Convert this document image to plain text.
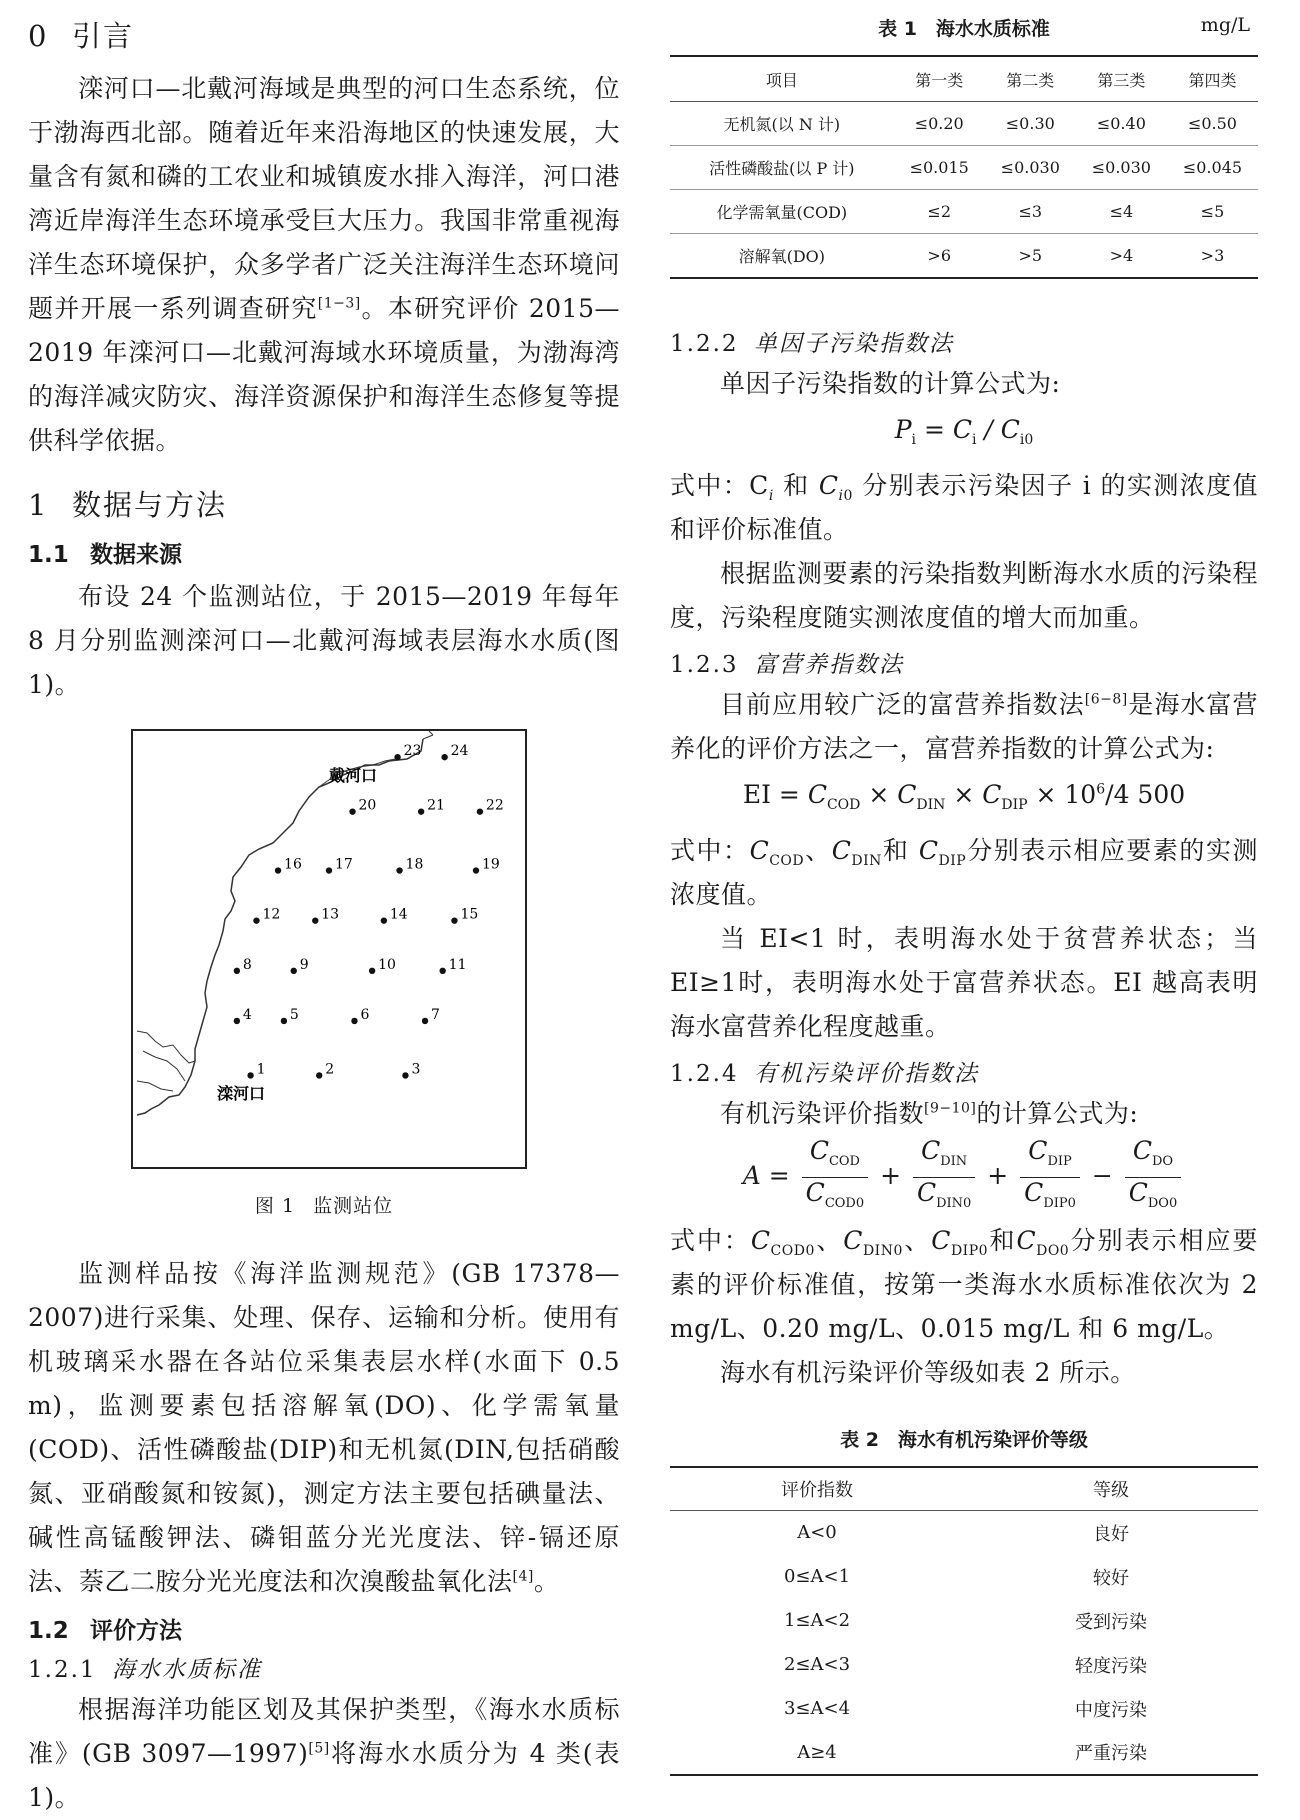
0 引言

滦河口—北戴河海域是典型的河口生态系统，位于渤海西北部。随着近年来沿海地区的快速发展，大量含有氮和磷的工农业和城镇废水排入海洋，河口港湾近岸海洋生态环境承受巨大压力。我国非常重视海洋生态环境保护，众多学者广泛关注海洋生态环境问题并开展一系列调查研究[1−3]。本研究评价 2015—2019 年滦河口—北戴河海域水环境质量，为渤海湾的海洋减灾防灾、海洋资源保护和海洋生态修复等提供科学依据。

1 数据与方法
1.1 数据来源

布设 24 个监测站位，于 2015—2019 年每年 8 月分别监测滦河口—北戴河海域表层海水水质(图 1)。

1	2	3
4	5	6	7
8	9	10	11
12	13	14	15
16 17	18	19
20	21	22
23 24
戴河口
滦河口
图 1 监测站位

监测样品按《海洋监测规范》(GB 17378—2007)进行采集、处理、保存、运输和分析。使用有机玻璃采水器在各站位采集表层水样(水面下 0.5 m)，监测要素包括溶解氧(DO)、化学需氧量(COD)、活性磷酸盐(DIP)和无机氮(DIN,包括硝酸氮、亚硝酸氮和铵氮)，测定方法主要包括碘量法、碱性高锰酸钾法、磷钼蓝分光光度法、锌-镉还原法、萘乙二胺分光光度法和次溴酸盐氧化法[4]。

1.2 评价方法
1.2.1 海水水质标准

根据海洋功能区划及其保护类型，《海水水质标准》(GB 3097—1997)[5]将海水水质分为 4 类(表 1)。

表 1　海水水质标准	mg/L
项目	第一类	第二类	第三类	第四类
无机氮(以 N 计)	≤0.20	≤0.30	≤0.40	≤0.50
活性磷酸盐(以 P 计)	≤0.015	≤0.030	≤0.030	≤0.045
化学需氧量(COD)	≤2	≤3	≤4	≤5
溶解氧(DO)	>6	>5	>4	>3
1.2.2 单因子污染指数法

单因子污染指数的计算公式为:

$P_i = C_i / C_{i0}$

式中：$C_i$ 和 $C_{i0}$ 分别表示污染因子 i 的实测浓度值和评价标准值。

根据监测要素的污染指数判断海水水质的污染程度，污染程度随实测浓度值的增大而加重。

1.2.3 富营养指数法

目前应用较广泛的富营养指数法[6−8]是海水富营养化的评价方法之一，富营养指数的计算公式为:

EI = $C_{COD} \times C_{DIN} \times C_{DIP} \times 10^6/4$ 500

式中：$C_{COD}$、$C_{DIN}$和 $C_{DIP}$分别表示相应要素的实测浓度值。

当 EI<1 时，表明海水处于贫营养状态；当EI≥1时，表明海水处于富营养状态。EI 越高表明海水富营养化程度越重。

1.2.4 有机污染评价指数法

有机污染评价指数[9−10]的计算公式为:

$A = \frac{C_{COD}}{C_{COD0}} + \frac{C_{DIN}}{C_{DIN0}} + \frac{C_{DIP}}{C_{DIP0}} - \frac{C_{DO}}{C_{DO0}}$

式中：$C_{COD0}$、$C_{DIN0}$、$C_{DIP0}$和$C_{DO0}$分别表示相应要素的评价标准值，按第一类海水水质标准依次为 2 mg/L、0.20 mg/L、0.015 mg/L 和 6 mg/L。

海水有机污染评价等级如表 2 所示。

表 2　海水有机污染评价等级
评价指数	等级
A<0	良好
0≤A<1	较好
1≤A<2	受到污染
2≤A<3	轻度污染
3≤A<4	中度污染
A≥4	严重污染
